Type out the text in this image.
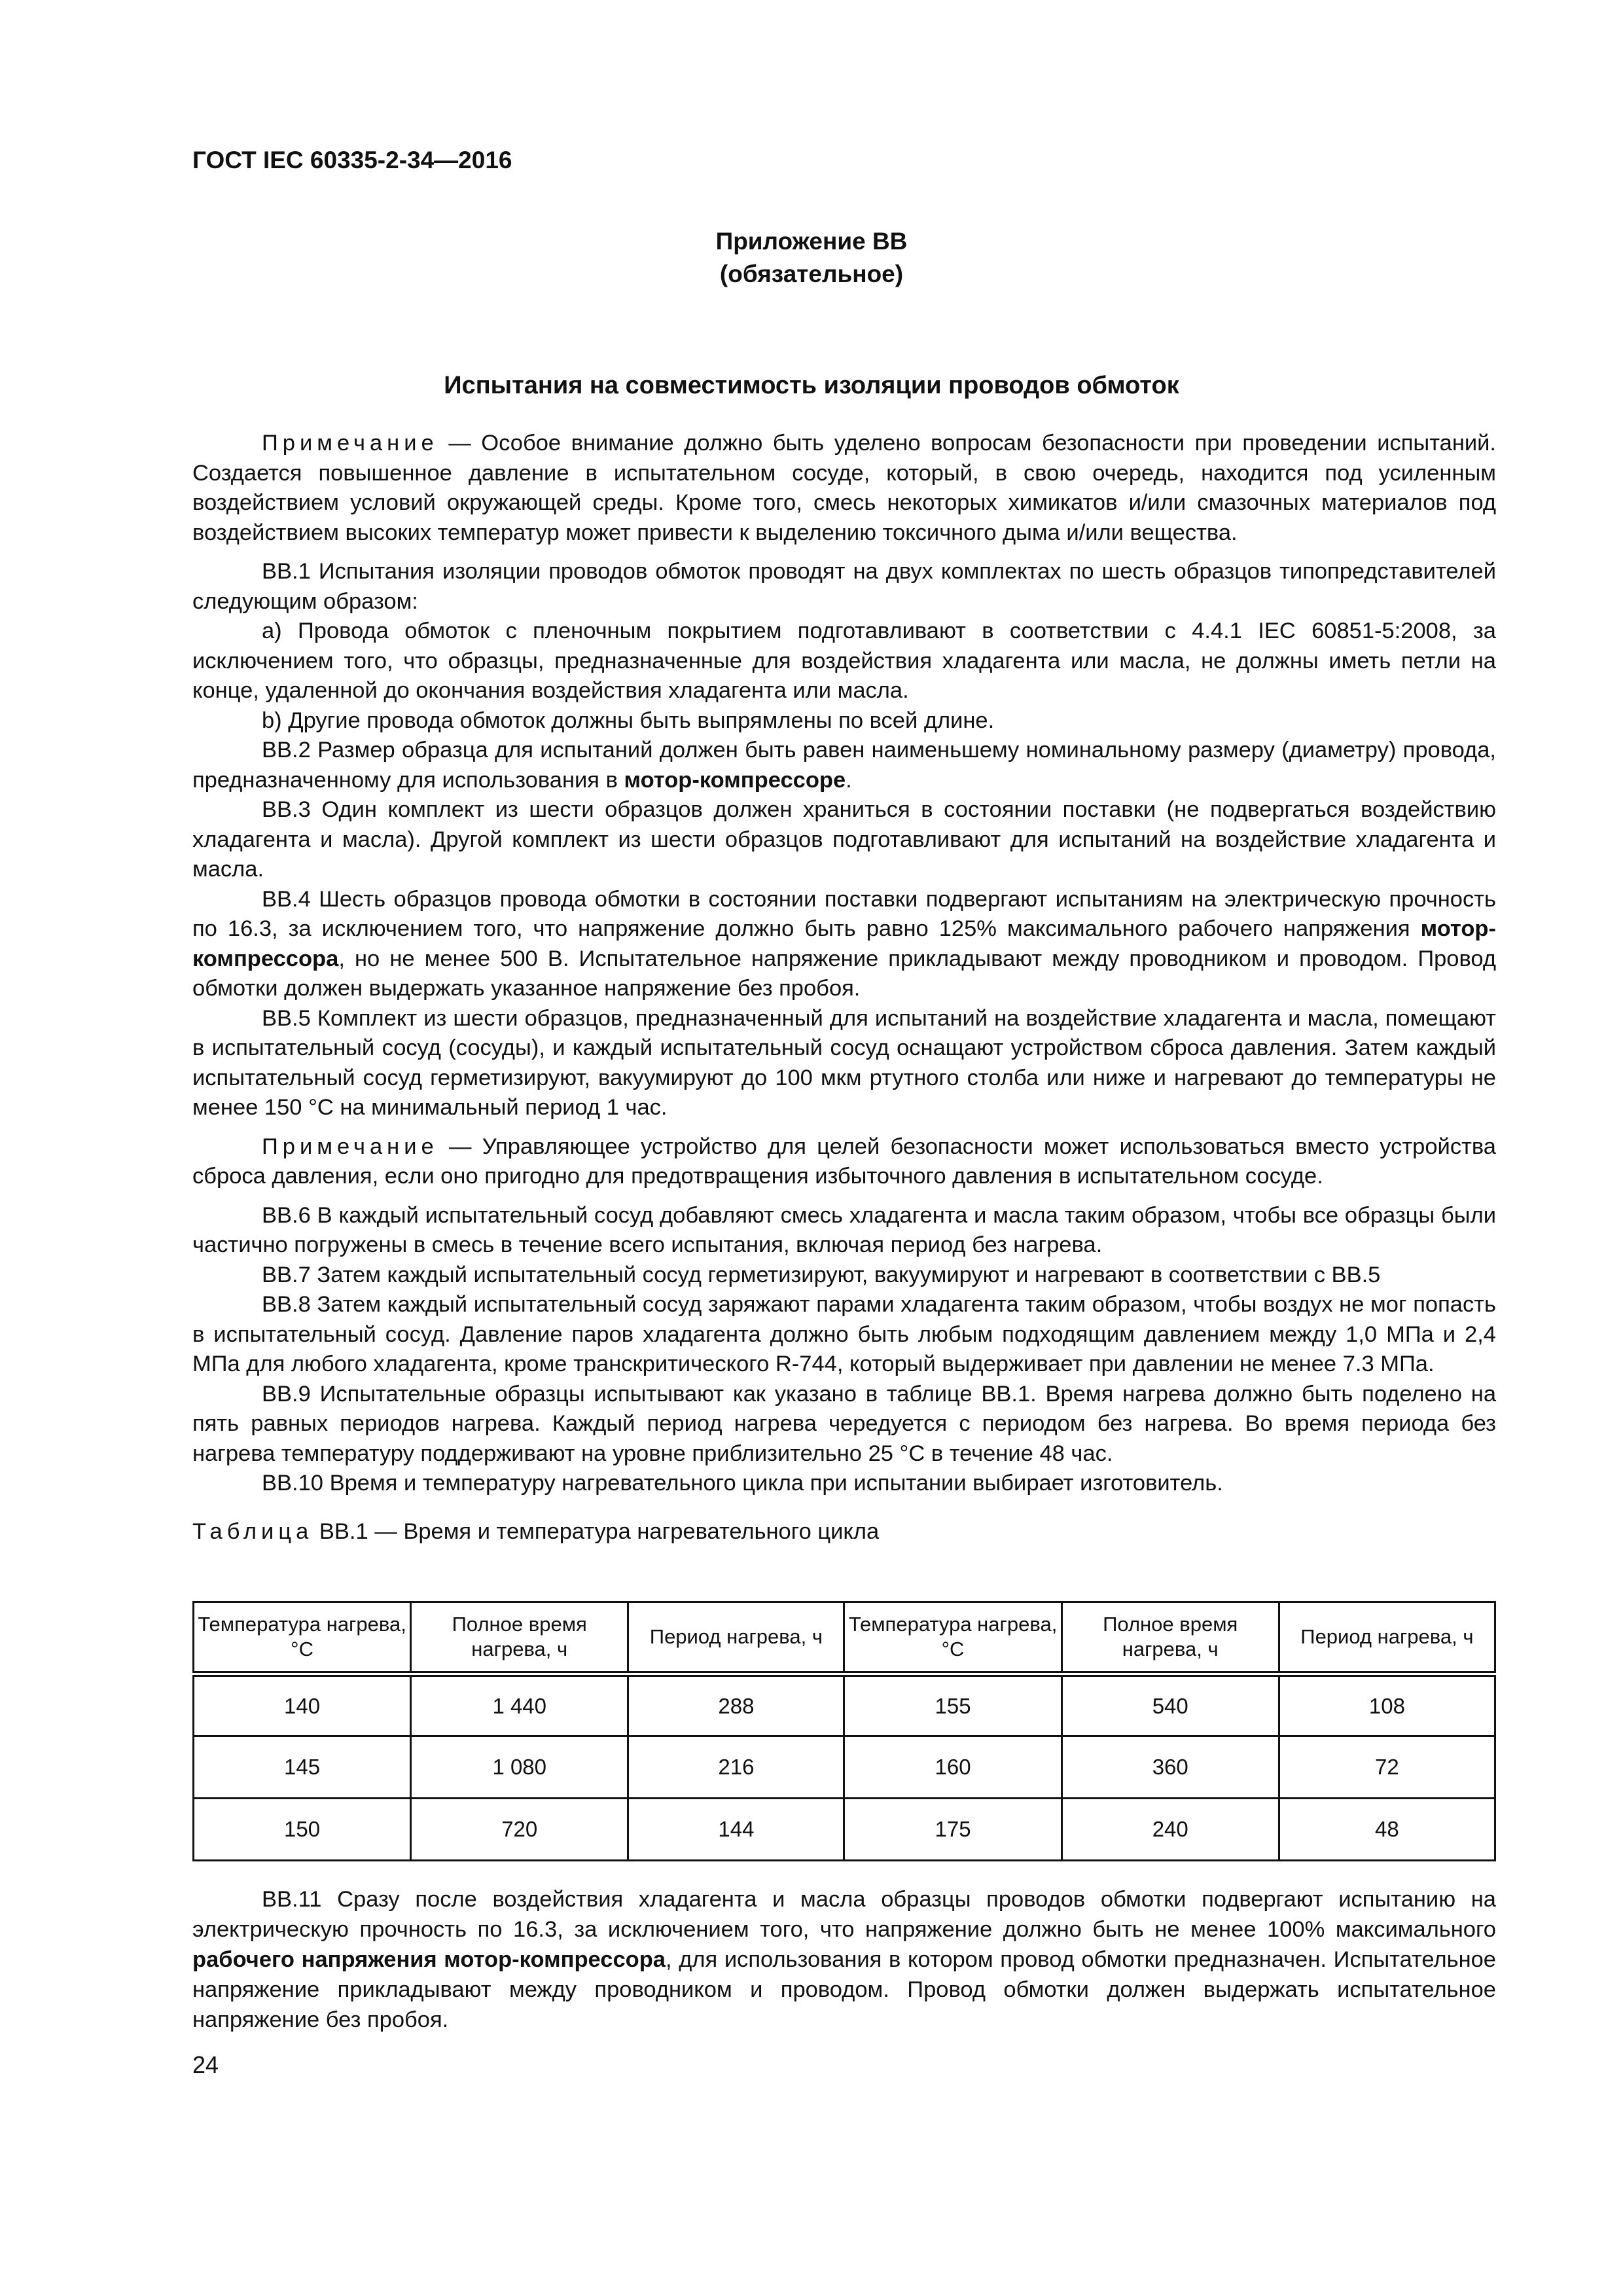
ГОСТ IEC 60335-2-34—2016
Приложение ВВ
(обязательное)
Испытания на совместимость изоляции проводов обмоток

Примечание — Особое внимание должно быть уделено вопросам безопасности при проведении испытаний. Создается повышенное давление в испытательном сосуде, который, в свою очередь, находится под усиленным воздействием условий окружающей среды. Кроме того, смесь некоторых химикатов и/или смазочных материалов под воздействием высоких температур может привести к выделению токсичного дыма и/или вещества.

ВВ.1 Испытания изоляции проводов обмоток проводят на двух комплектах по шесть образцов типопредставителей следующим образом:

a) Провода обмоток с пленочным покрытием подготавливают в соответствии с 4.4.1 IEC 60851-5:2008, за исключением того, что образцы, предназначенные для воздействия хладагента или масла, не должны иметь петли на конце, удаленной до окончания воздействия хладагента или масла.

b) Другие провода обмоток должны быть выпрямлены по всей длине.

ВВ.2 Размер образца для испытаний должен быть равен наименьшему номинальному размеру (диаметру) провода, предназначенному для использования в мотор-компрессоре.

ВВ.3 Один комплект из шести образцов должен храниться в состоянии поставки (не подвергаться воздействию хладагента и масла). Другой комплект из шести образцов подготавливают для испытаний на воздействие хладагента и масла.

ВВ.4 Шесть образцов провода обмотки в состоянии поставки подвергают испытаниям на электрическую прочность по 16.3, за исключением того, что напряжение должно быть равно 125% максимального рабочего напряжения мотор-компрессора, но не менее 500 В. Испытательное напряжение прикладывают между проводником и проводом. Провод обмотки должен выдержать указанное напряжение без пробоя.

ВВ.5 Комплект из шести образцов, предназначенный для испытаний на воздействие хладагента и масла, помещают в испытательный сосуд (сосуды), и каждый испытательный сосуд оснащают устройством сброса давления. Затем каждый испытательный сосуд герметизируют, вакуумируют до 100 мкм ртутного столба или ниже и нагревают до температуры не менее 150 °С на минимальный период 1 час.

Примечание — Управляющее устройство для целей безопасности может использоваться вместо устройства сброса давления, если оно пригодно для предотвращения избыточного давления в испытательном сосуде.

ВВ.6 В каждый испытательный сосуд добавляют смесь хладагента и масла таким образом, чтобы все образцы были частично погружены в смесь в течение всего испытания, включая период без нагрева.

ВВ.7 Затем каждый испытательный сосуд герметизируют, вакуумируют и нагревают в соответствии с ВВ.5

ВВ.8 Затем каждый испытательный сосуд заряжают парами хладагента таким образом, чтобы воздух не мог попасть в испытательный сосуд. Давление паров хладагента должно быть любым подходящим давлением между 1,0 МПа и 2,4 МПа для любого хладагента, кроме транскритического R-744, который выдерживает при давлении не менее 7.3 МПа.

ВВ.9 Испытательные образцы испытывают как указано в таблице ВВ.1. Время нагрева должно быть поделено на пять равных периодов нагрева. Каждый период нагрева чередуется с периодом без нагрева. Во время периода без нагрева температуру поддерживают на уровне приблизительно 25 °С в течение 48 час.

ВВ.10 Время и температуру нагревательного цикла при испытании выбирает изготовитель.

Таблица ВВ.1 — Время и температура нагревательного цикла
Температура нагрева, °С	Полное время нагрева, ч	Период нагрева, ч	Температура нагрева, °С	Полное время нагрева, ч	Период нагрева, ч
140	1 440	288	155	540	108
145	1 080	216	160	360	72
150	720	144	175	240	48

ВВ.11 Сразу после воздействия хладагента и масла образцы проводов обмотки подвергают испытанию на электрическую прочность по 16.3, за исключением того, что напряжение должно быть не менее 100% максимального рабочего напряжения мотор-компрессора, для использования в котором провод обмотки предназначен. Испытательное напряжение прикладывают между проводником и проводом. Провод обмотки должен выдержать испытательное напряжение без пробоя.

24
